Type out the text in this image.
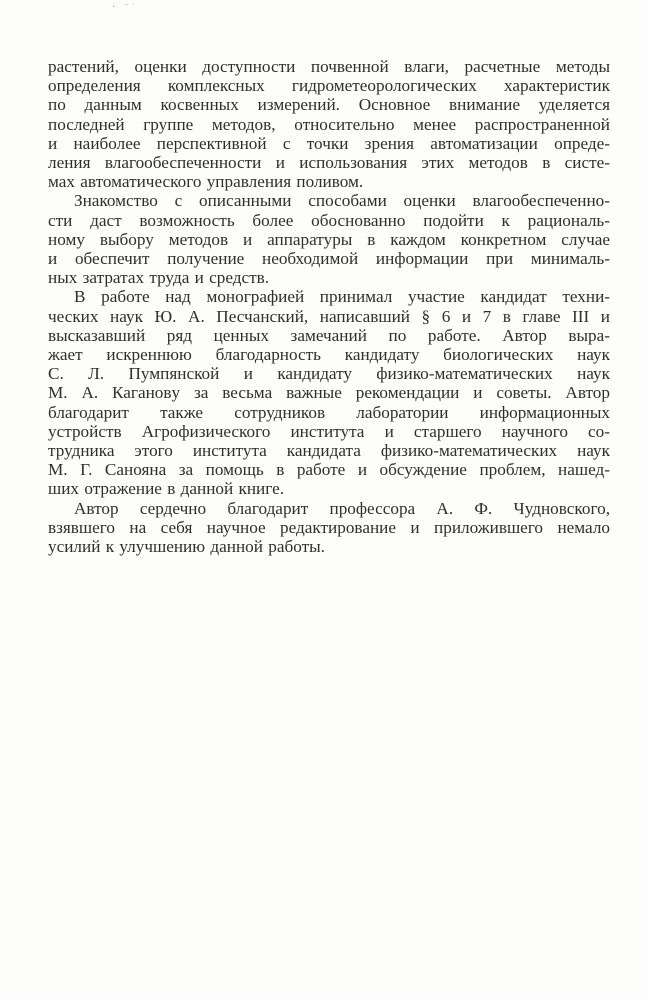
· ⁻ˈ

растений, оценки доступности почвенной влаги, расчетные методы
определения комплексных гидрометеорологических характеристик
по данным косвенных измерений. Основное внимание уделяется
последней группе методов, относительно менее распространенной
и наиболее перспективной с точки зрения автоматизации опреде-
ления влагообеспеченности и использования этих методов в систе-
мах автоматического управления поливом.

Знакомство с описанными способами оценки влагообеспеченно-
сти даст возможность более обоснованно подойти к рациональ-
ному выбору методов и аппаратуры в каждом конкретном случае
и обеспечит получение необходимой информации при минималь-
ных затратах труда и средств.

В работе над монографией принимал участие кандидат техни-
ческих наук Ю. А. Песчанский, написавший § 6 и 7 в главе III и
высказавший ряд ценных замечаний по работе. Автор выра-
жает искреннюю благодарность кандидату биологических наук
С. Л. Пумпянской и кандидату физико-математических наук
М. А. Кагановy за весьма важные рекомендации и советы. Автор
благодарит также сотрудников лаборатории информационных
устройств Агрофизического института и старшего научного со-
трудника этого института кандидата физико-математических наук
М. Г. Саноянa за помощь в работе и обсуждение проблем, нашед-
ших отражение в данной книге.

Автор сердечно благодарит профессора А. Ф. Чудновского,
взявшего на себя научное редактирование и приложившего немало
усилий к улучшению данной работы.
